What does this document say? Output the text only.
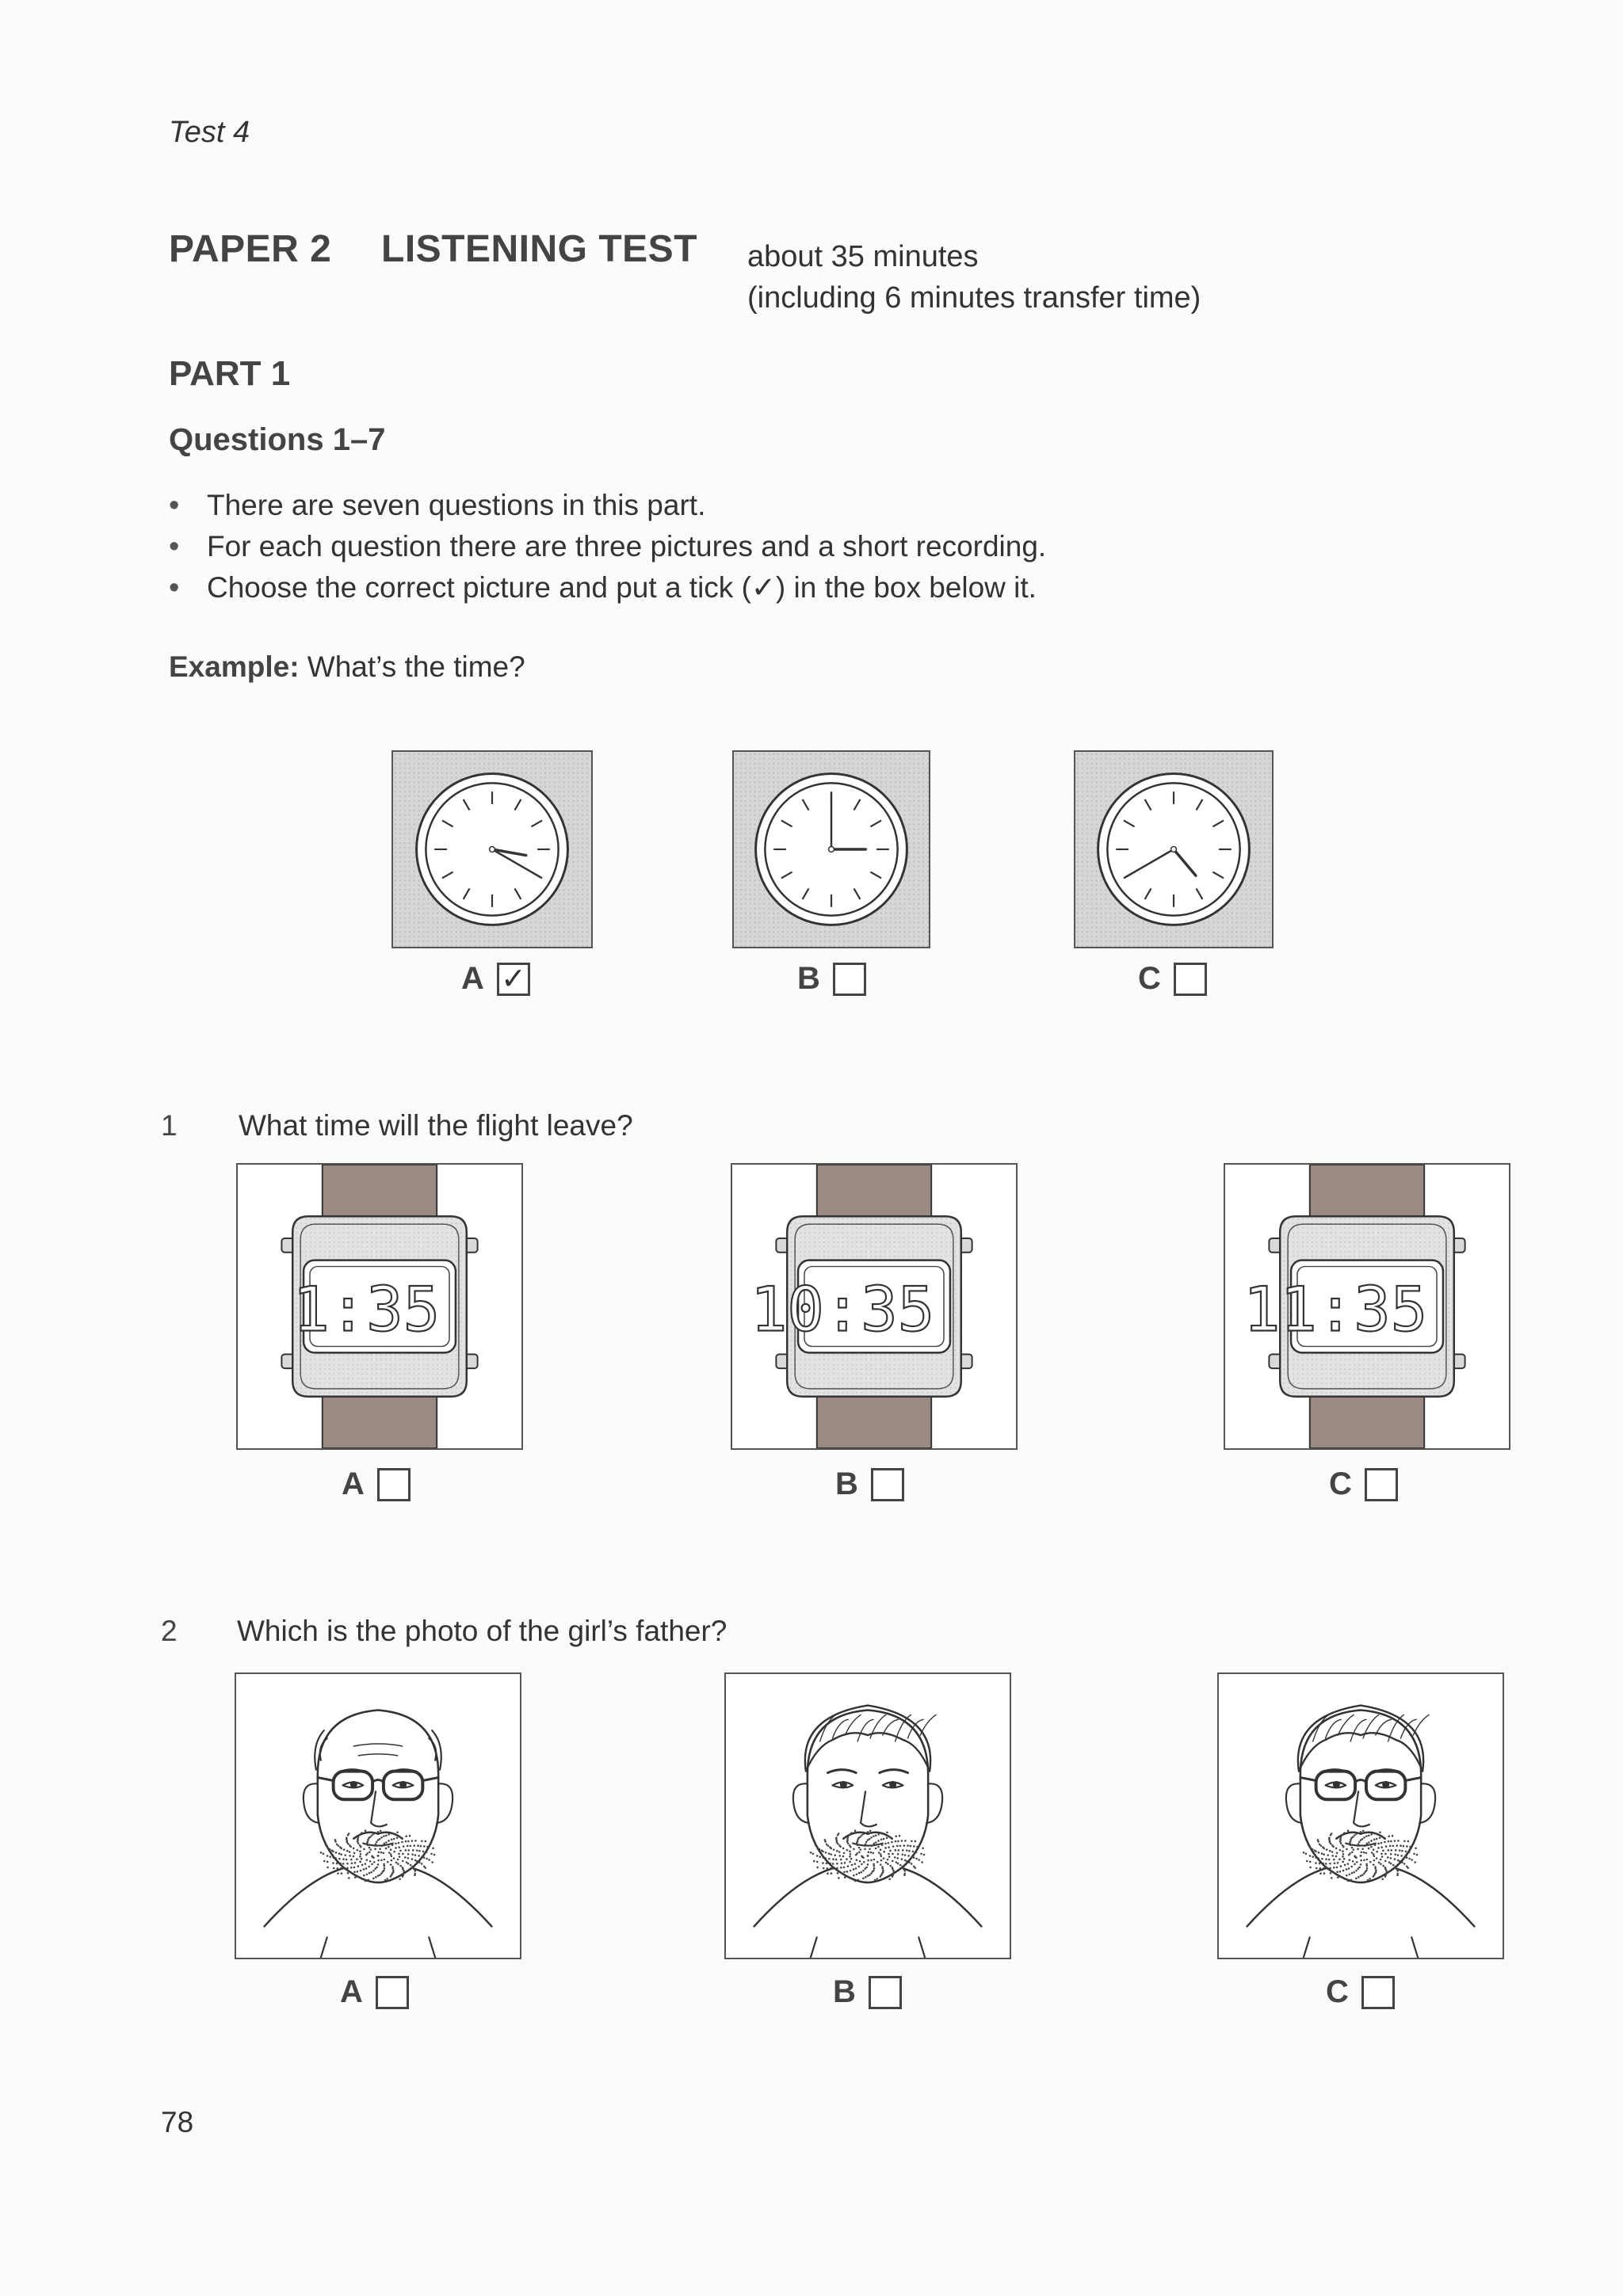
Test 4
PAPER 2 LISTENING TEST about 35 minutes
(including 6 minutes transfer time)
PART 1
Questions 1–7
• There are seven questions in this part.
• For each question there are three pictures and a short recording.
• Choose the correct picture and put a tick (✓) in the box below it.
Example: What’s the time?
A ✓	B	C
1 What time will the flight leave?
1:35	10:35	11:35
A	B	C
2 Which is the photo of the girl’s father?
A	B	C
78
